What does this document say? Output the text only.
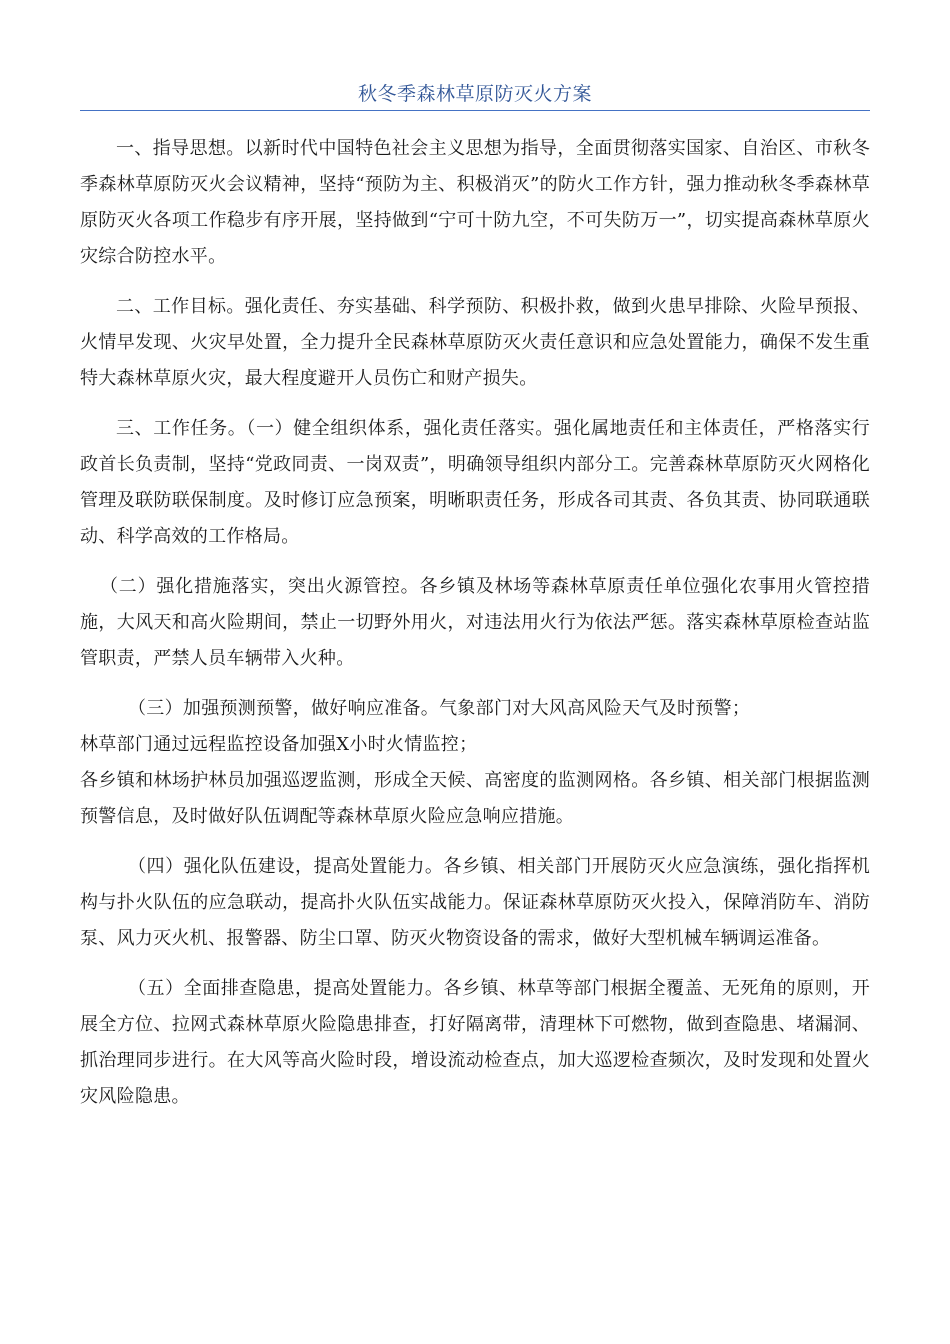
秋冬季森林草原防灭火方案

一、指导思想。以新时代中国特色社会主义思想为指导，全面贯彻落实国家、自治区、市秋冬季森林草原防灭火会议精神，坚持“预防为主、积极消灭”的防火工作方针，强力推动秋冬季森林草原防灭火各项工作稳步有序开展，坚持做到“宁可十防九空，不可失防万一”，切实提高森林草原火灾综合防控水平。

二、工作目标。强化责任、夯实基础、科学预防、积极扑救，做到火患早排除、火险早预报、火情早发现、火灾早处置，全力提升全民森林草原防灭火责任意识和应急处置能力，确保不发生重特大森林草原火灾，最大程度避开人员伤亡和财产损失。

三、工作任务。（一）健全组织体系，强化责任落实。强化属地责任和主体责任，严格落实行政首长负责制，坚持“党政同责、一岗双责”，明确领导组织内部分工。完善森林草原防灭火网格化管理及联防联保制度。及时修订应急预案，明晰职责任务，形成各司其责、各负其责、协同联通联动、科学高效的工作格局。

（二）强化措施落实，突出火源管控。各乡镇及林场等森林草原责任单位强化农事用火管控措施，大风天和高火险期间，禁止一切野外用火，对违法用火行为依法严惩。落实森林草原检查站监管职责，严禁人员车辆带入火种。

（三）加强预测预警，做好响应准备。气象部门对大风高风险天气及时预警；

林草部门通过远程监控设备加强X小时火情监控；

各乡镇和林场护林员加强巡逻监测，形成全天候、高密度的监测网格。各乡镇、相关部门根据监测预警信息，及时做好队伍调配等森林草原火险应急响应措施。

（四）强化队伍建设，提高处置能力。各乡镇、相关部门开展防灭火应急演练，强化指挥机构与扑火队伍的应急联动，提高扑火队伍实战能力。保证森林草原防灭火投入，保障消防车、消防泵、风力灭火机、报警器、防尘口罩、防灭火物资设备的需求，做好大型机械车辆调运准备。

（五）全面排查隐患，提高处置能力。各乡镇、林草等部门根据全覆盖、无死角的原则，开展全方位、拉网式森林草原火险隐患排查，打好隔离带，清理林下可燃物，做到查隐患、堵漏洞、抓治理同步进行。在大风等高火险时段，增设流动检查点，加大巡逻检查频次，及时发现和处置火灾风险隐患。
